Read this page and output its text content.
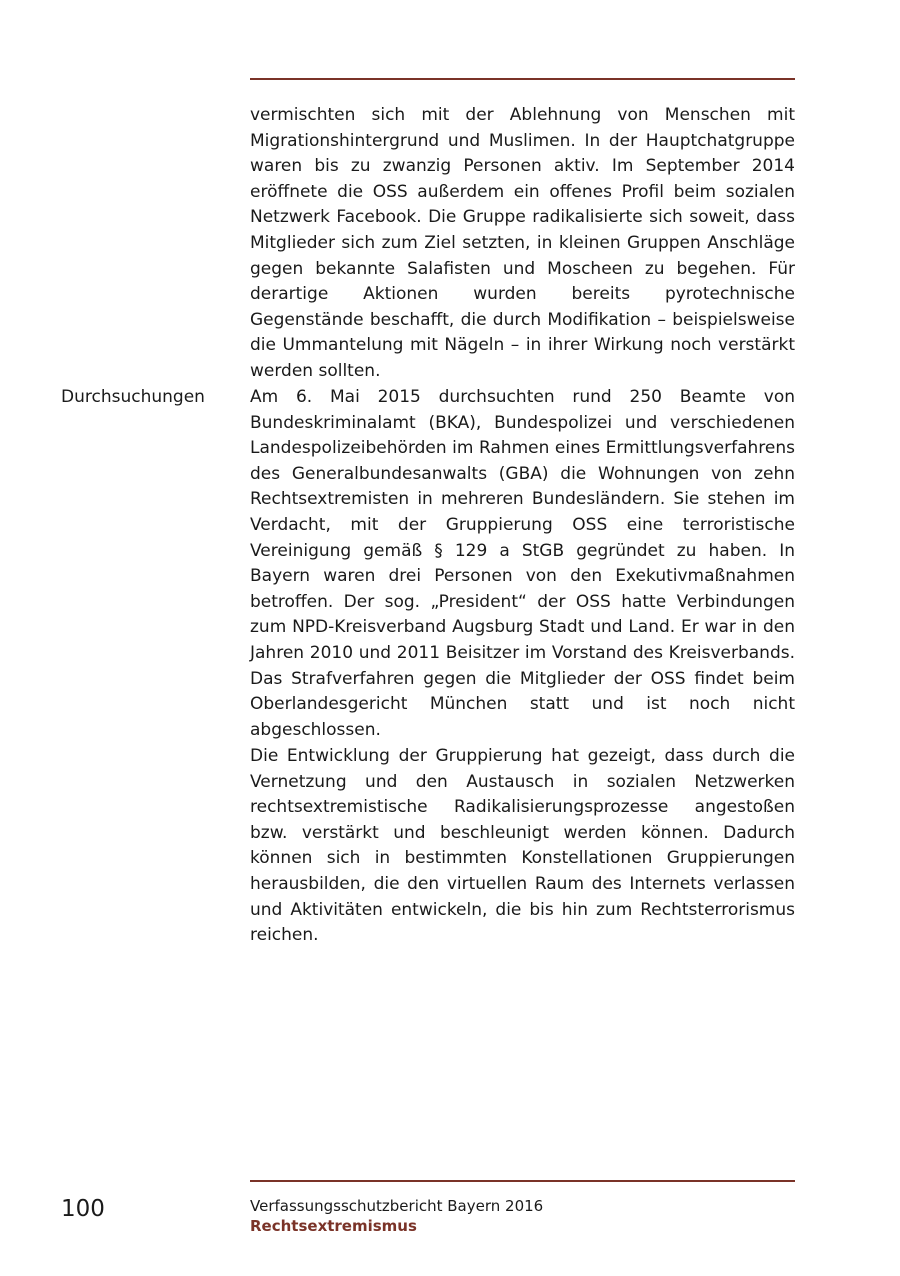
vermischten sich mit der Ablehnung von Menschen mit Migrationshintergrund und Muslimen. In der Hauptchatgruppe waren bis zu zwanzig Personen aktiv. Im September 2014 eröffnete die OSS außerdem ein offenes Profil beim sozialen Netzwerk Facebook. Die Gruppe radikalisierte sich soweit, dass Mitglieder sich zum Ziel setzten, in kleinen Gruppen Anschläge gegen bekannte Salafisten und Moscheen zu begehen. Für derartige Aktionen wurden bereits pyrotechnische Gegenstände beschafft, die durch Modifikation – beispielsweise die Ummantelung mit Nägeln – in ihrer Wirkung noch verstärkt werden sollten.

Durchsuchungen	Am 6. Mai 2015 durchsuchten rund 250 Beamte von Bundeskriminalamt (BKA), Bundespolizei und verschiedenen Landespolizeibehörden im Rahmen eines Ermittlungsverfahrens des Generalbundesanwalts (GBA) die Wohnungen von zehn Rechtsextremisten in mehreren Bundesländern. Sie stehen im Verdacht, mit der Gruppierung OSS eine terroristische Vereinigung gemäß § 129 a StGB gegründet zu haben. In Bayern waren drei Personen von den Exekutivmaßnahmen betroffen. Der sog. „President“ der OSS hatte Verbindungen zum NPD-Kreisverband Augsburg Stadt und Land. Er war in den Jahren 2010 und 2011 Beisitzer im Vorstand des Kreisverbands. Das Strafverfahren gegen die Mitglieder der OSS findet beim Oberlandesgericht München statt und ist noch nicht abgeschlossen.

Die Entwicklung der Gruppierung hat gezeigt, dass durch die Vernetzung und den Austausch in sozialen Netzwerken rechtsextremistische Radikalisierungsprozesse angestoßen bzw. verstärkt und beschleunigt werden können. Dadurch können sich in bestimmten Konstellationen Gruppierungen herausbilden, die den virtuellen Raum des Internets verlassen und Aktivitäten entwickeln, die bis hin zum Rechtsterrorismus reichen.

100	Verfassungsschutzbericht Bayern 2016
Rechtsextremismus
